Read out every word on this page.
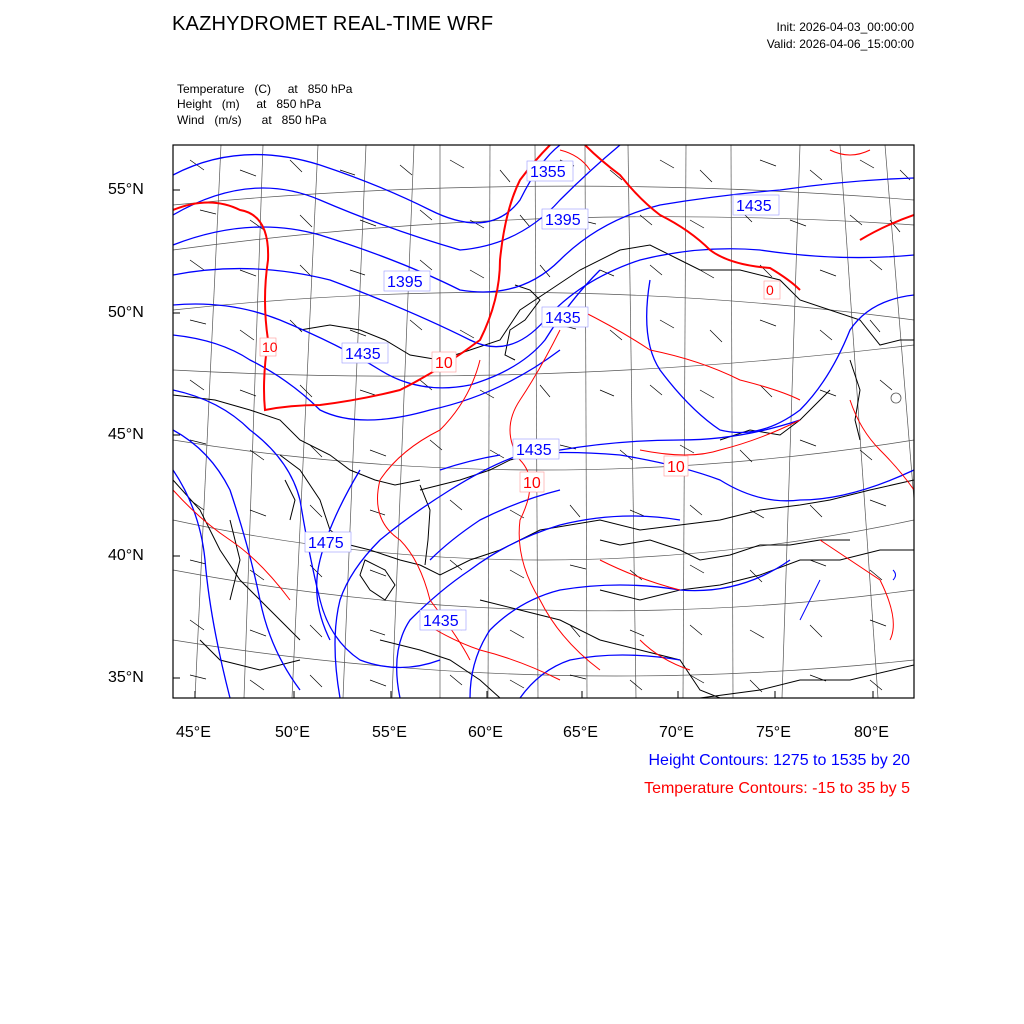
KAZHYDROMET REAL-TIME WRF	Init: 2026-04-03_00:00:00
Valid: 2026-04-06_15:00:00
Temperature   (C)     at   850 hPa
Height   (m)     at   850 hPa
Wind   (m/s)      at   850 hPa
1355
1395
1435
1395
1435
1435
1435
1475
1435
10
10
10
10
0
55°N
50°N
45°N
40°N
35°N
45°E	50°E	55°E	60°E	65°E	70°E	75°E	80°E
Height Contours: 1275 to 1535 by 20
Temperature Contours: -15 to 35 by 5
